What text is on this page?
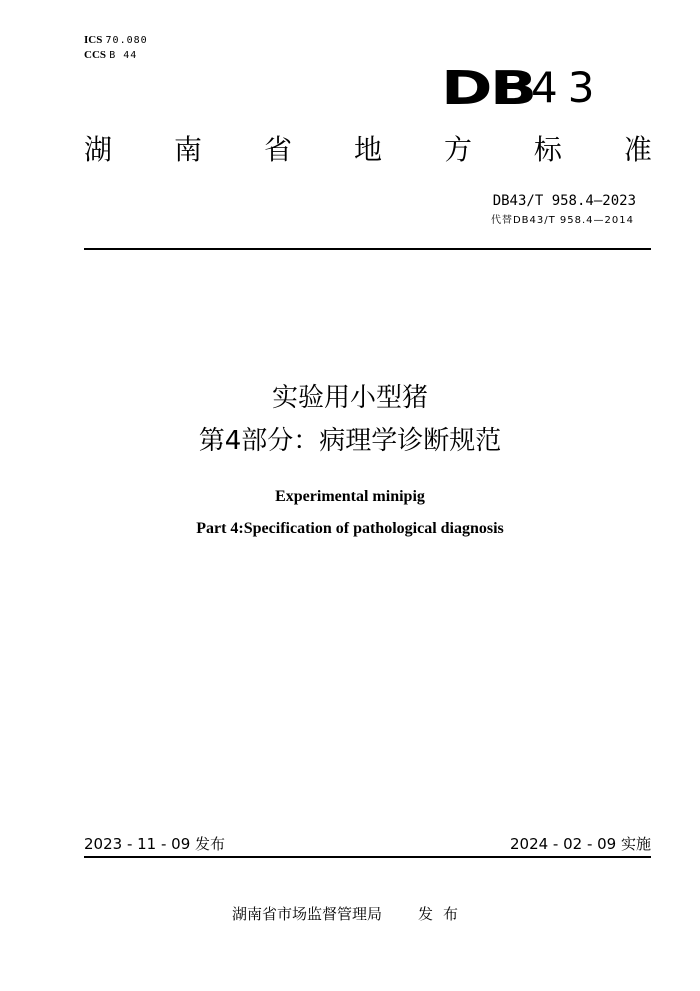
ICS 70.080
CCS B 44
DB
43
湖 南 省 地 方 标 准
DB43/T 958.4—2023
代替DB43/T 958.4—2014
实验用小型猪
第4部分：病理学诊断规范
Experimental minipig
Part 4:Specification of pathological diagnosis
2023 - 11 - 09 发布	2024 - 02 - 09 实施
湖南省市场监督管理局 发布
